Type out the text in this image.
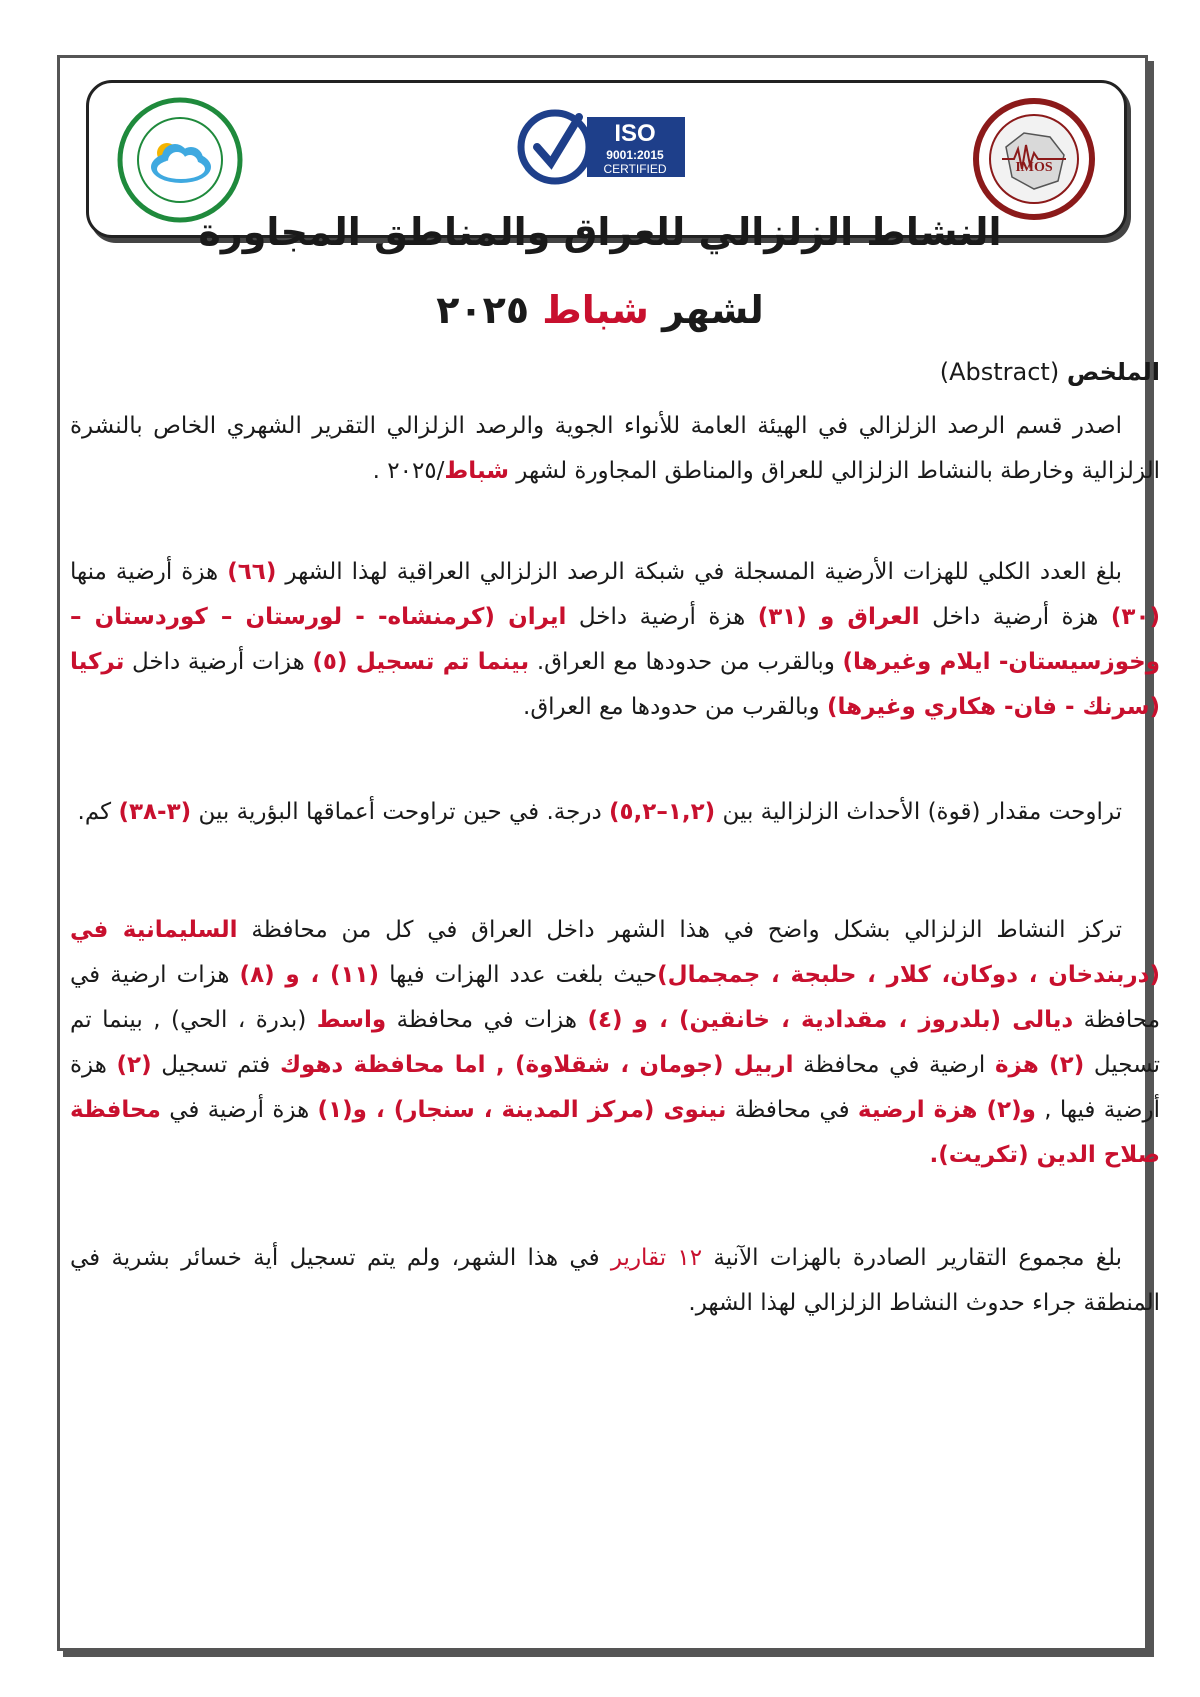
ISO
9001:2015
CERTIFIED	IMOS
النشاط الزلزالي للعراق والمناطق المجاورة
لشهر شباط ٢٠٢٥
الملخص (Abstract)
اصدر قسم الرصد الزلزالي في الهيئة العامة للأنواء الجوية والرصد الزلزالي التقرير الشهري الخاص بالنشرة الزلزالية وخارطة بالنشاط الزلزالي للعراق والمناطق المجاورة لشهر شباط/٢٠٢٥ .
بلغ العدد الكلي للهزات الأرضية المسجلة في شبكة الرصد الزلزالي العراقية لهذا الشهر (٦٦) هزة أرضية منها (٣٠) هزة أرضية داخل العراق و (٣١) هزة أرضية داخل ايران (كرمنشاه- - لورستان – كوردستان – وخوزسيستان- ايلام وغيرها) وبالقرب من حدودها مع العراق. بينما تم تسجيل (٥) هزات أرضية داخل تركيا (سرنك - فان- هكاري وغيرها) وبالقرب من حدودها مع العراق.
تراوحت مقدار (قوة) الأحداث الزلزالية بين (١,٢–٥,٢) درجة. في حين تراوحت أعماقها البؤرية بين (٣-٣٨) كم.
تركز النشاط الزلزالي بشكل واضح في هذا الشهر داخل العراق في كل من محافظة السليمانية في (دربندخان ، دوكان، كلار ، حلبجة ، جمجمال)حيث بلغت عدد الهزات فيها (١١) ، و (٨) هزات ارضية في محافظة ديالى (بلدروز ، مقدادية ، خانقين) ، و (٤) هزات في محافظة واسط (بدرة ، الحي) , بينما تم تسجيل (٢) هزة ارضية في محافظة اربيل (جومان ، شقلاوة) , اما محافظة دهوك فتم تسجيل (٢) هزة أرضية فيها , و(٢) هزة ارضية في محافظة نينوى (مركز المدينة ، سنجار) ، و(١) هزة أرضية في محافظة صلاح الدين (تكريت).
بلغ مجموع التقارير الصادرة بالهزات الآنية ١٢ تقارير في هذا الشهر، ولم يتم تسجيل أية خسائر بشرية في المنطقة جراء حدوث النشاط الزلزالي لهذا الشهر.
